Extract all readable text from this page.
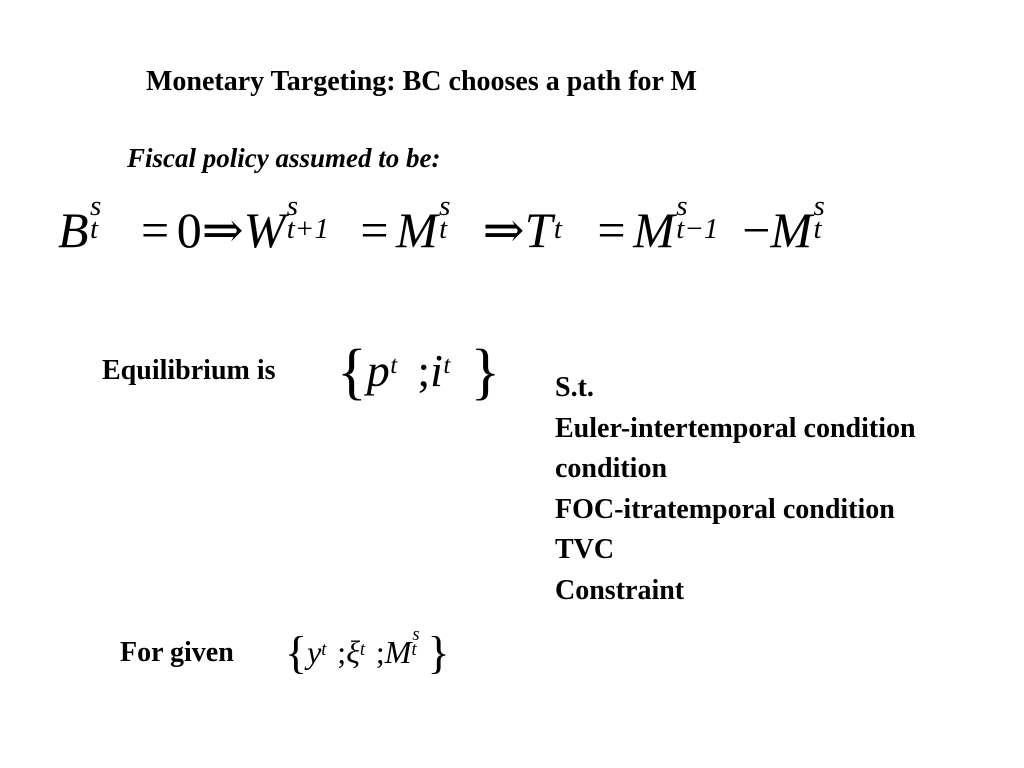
Monetary Targeting: BC chooses a path for M
Fiscal policy assumed to be:
B s
t = 0⇒W s
t+1 = M s
t ⇒T t = M s
t−1 −M s
t
Equilibrium is {p t ;i t } S.t.
Euler-intertemporal condition
condition
FOC-itratemporal condition
TVC
Constraint
For given {y t ;ξ t ;M s
t }
